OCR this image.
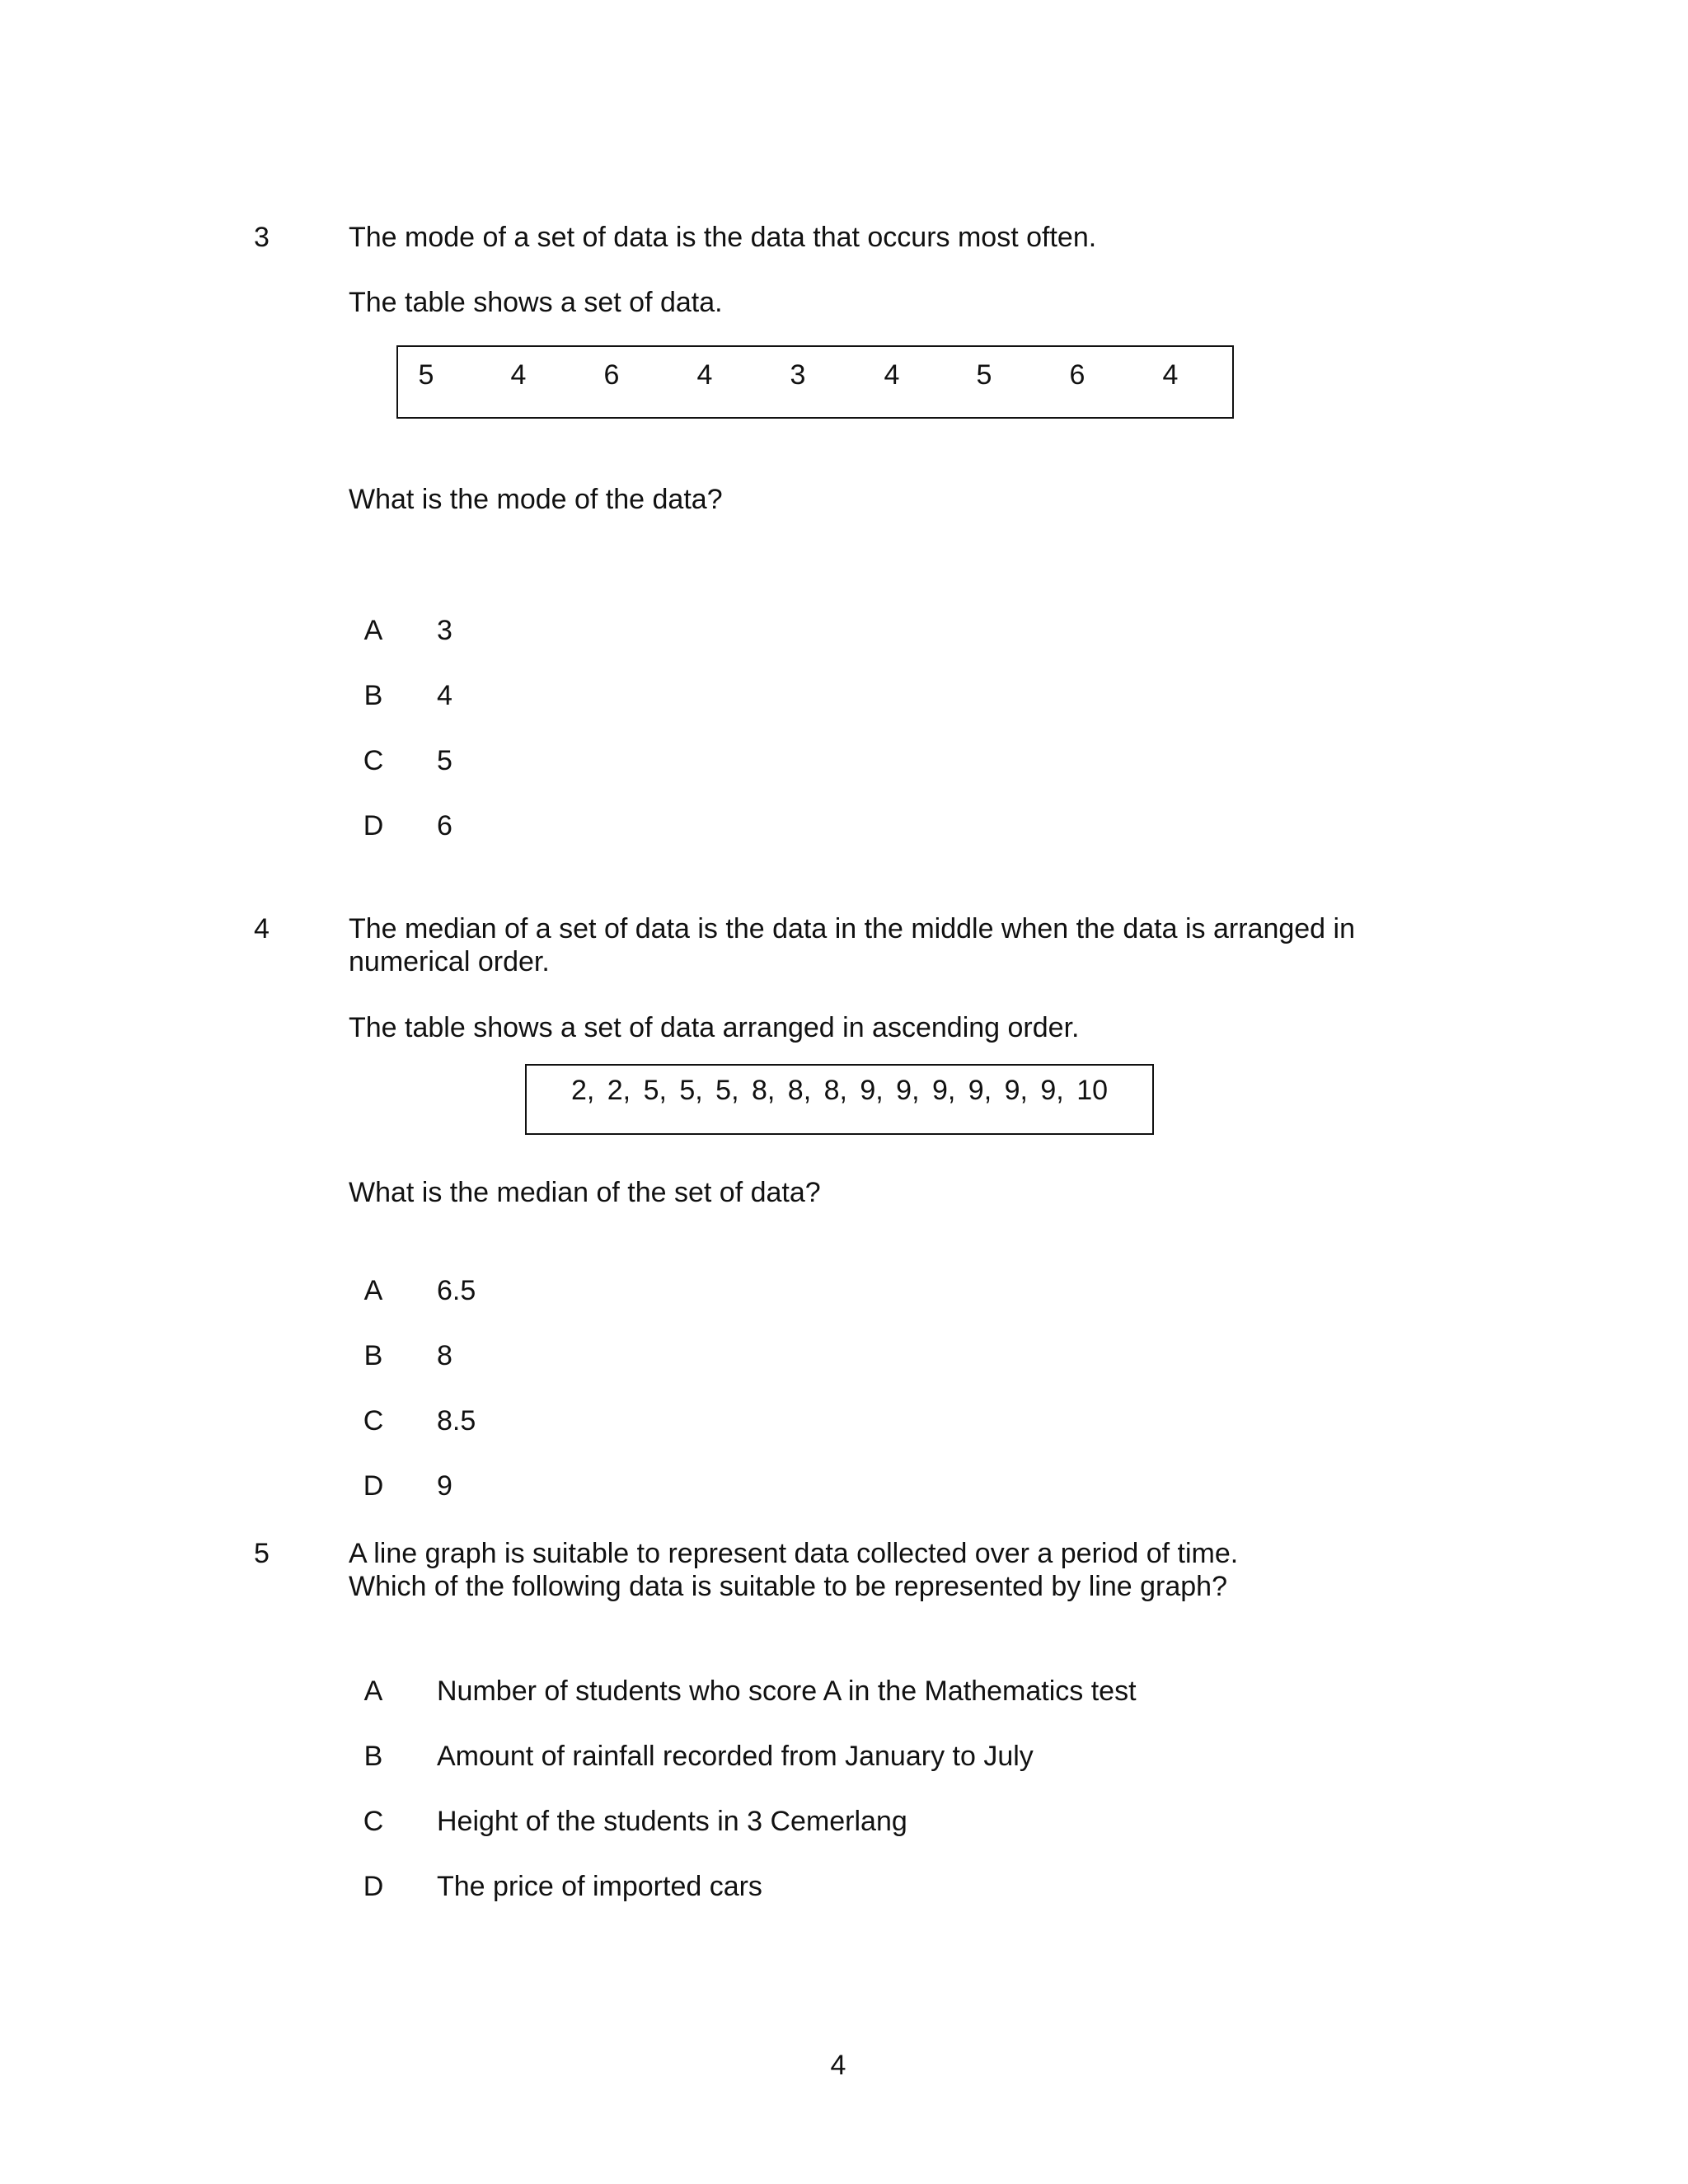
3	The mode of a set of data is the data that occurs most often.
The table shows a set of data.
5	4	6	4	3	4	5	6	4
What is the mode of the data?
A 3
B 4
C 5
D 6
4	The median of a set of data is the data in the middle when the data is arranged in
numerical order.
The table shows a set of data arranged in ascending order.
2, 2, 5, 5, 5, 8, 8, 8, 9, 9, 9, 9, 9, 9, 10
What is the median of the set of data?
A 6.5
B 8
C 8.5
D 9
5	A line graph is suitable to represent data collected over a period of time.
Which of the following data is suitable to be represented by line graph?
A Number of students who score A in the Mathematics test
B Amount of rainfall recorded from January to July
C Height of the students in 3 Cemerlang
D The price of imported cars
4
